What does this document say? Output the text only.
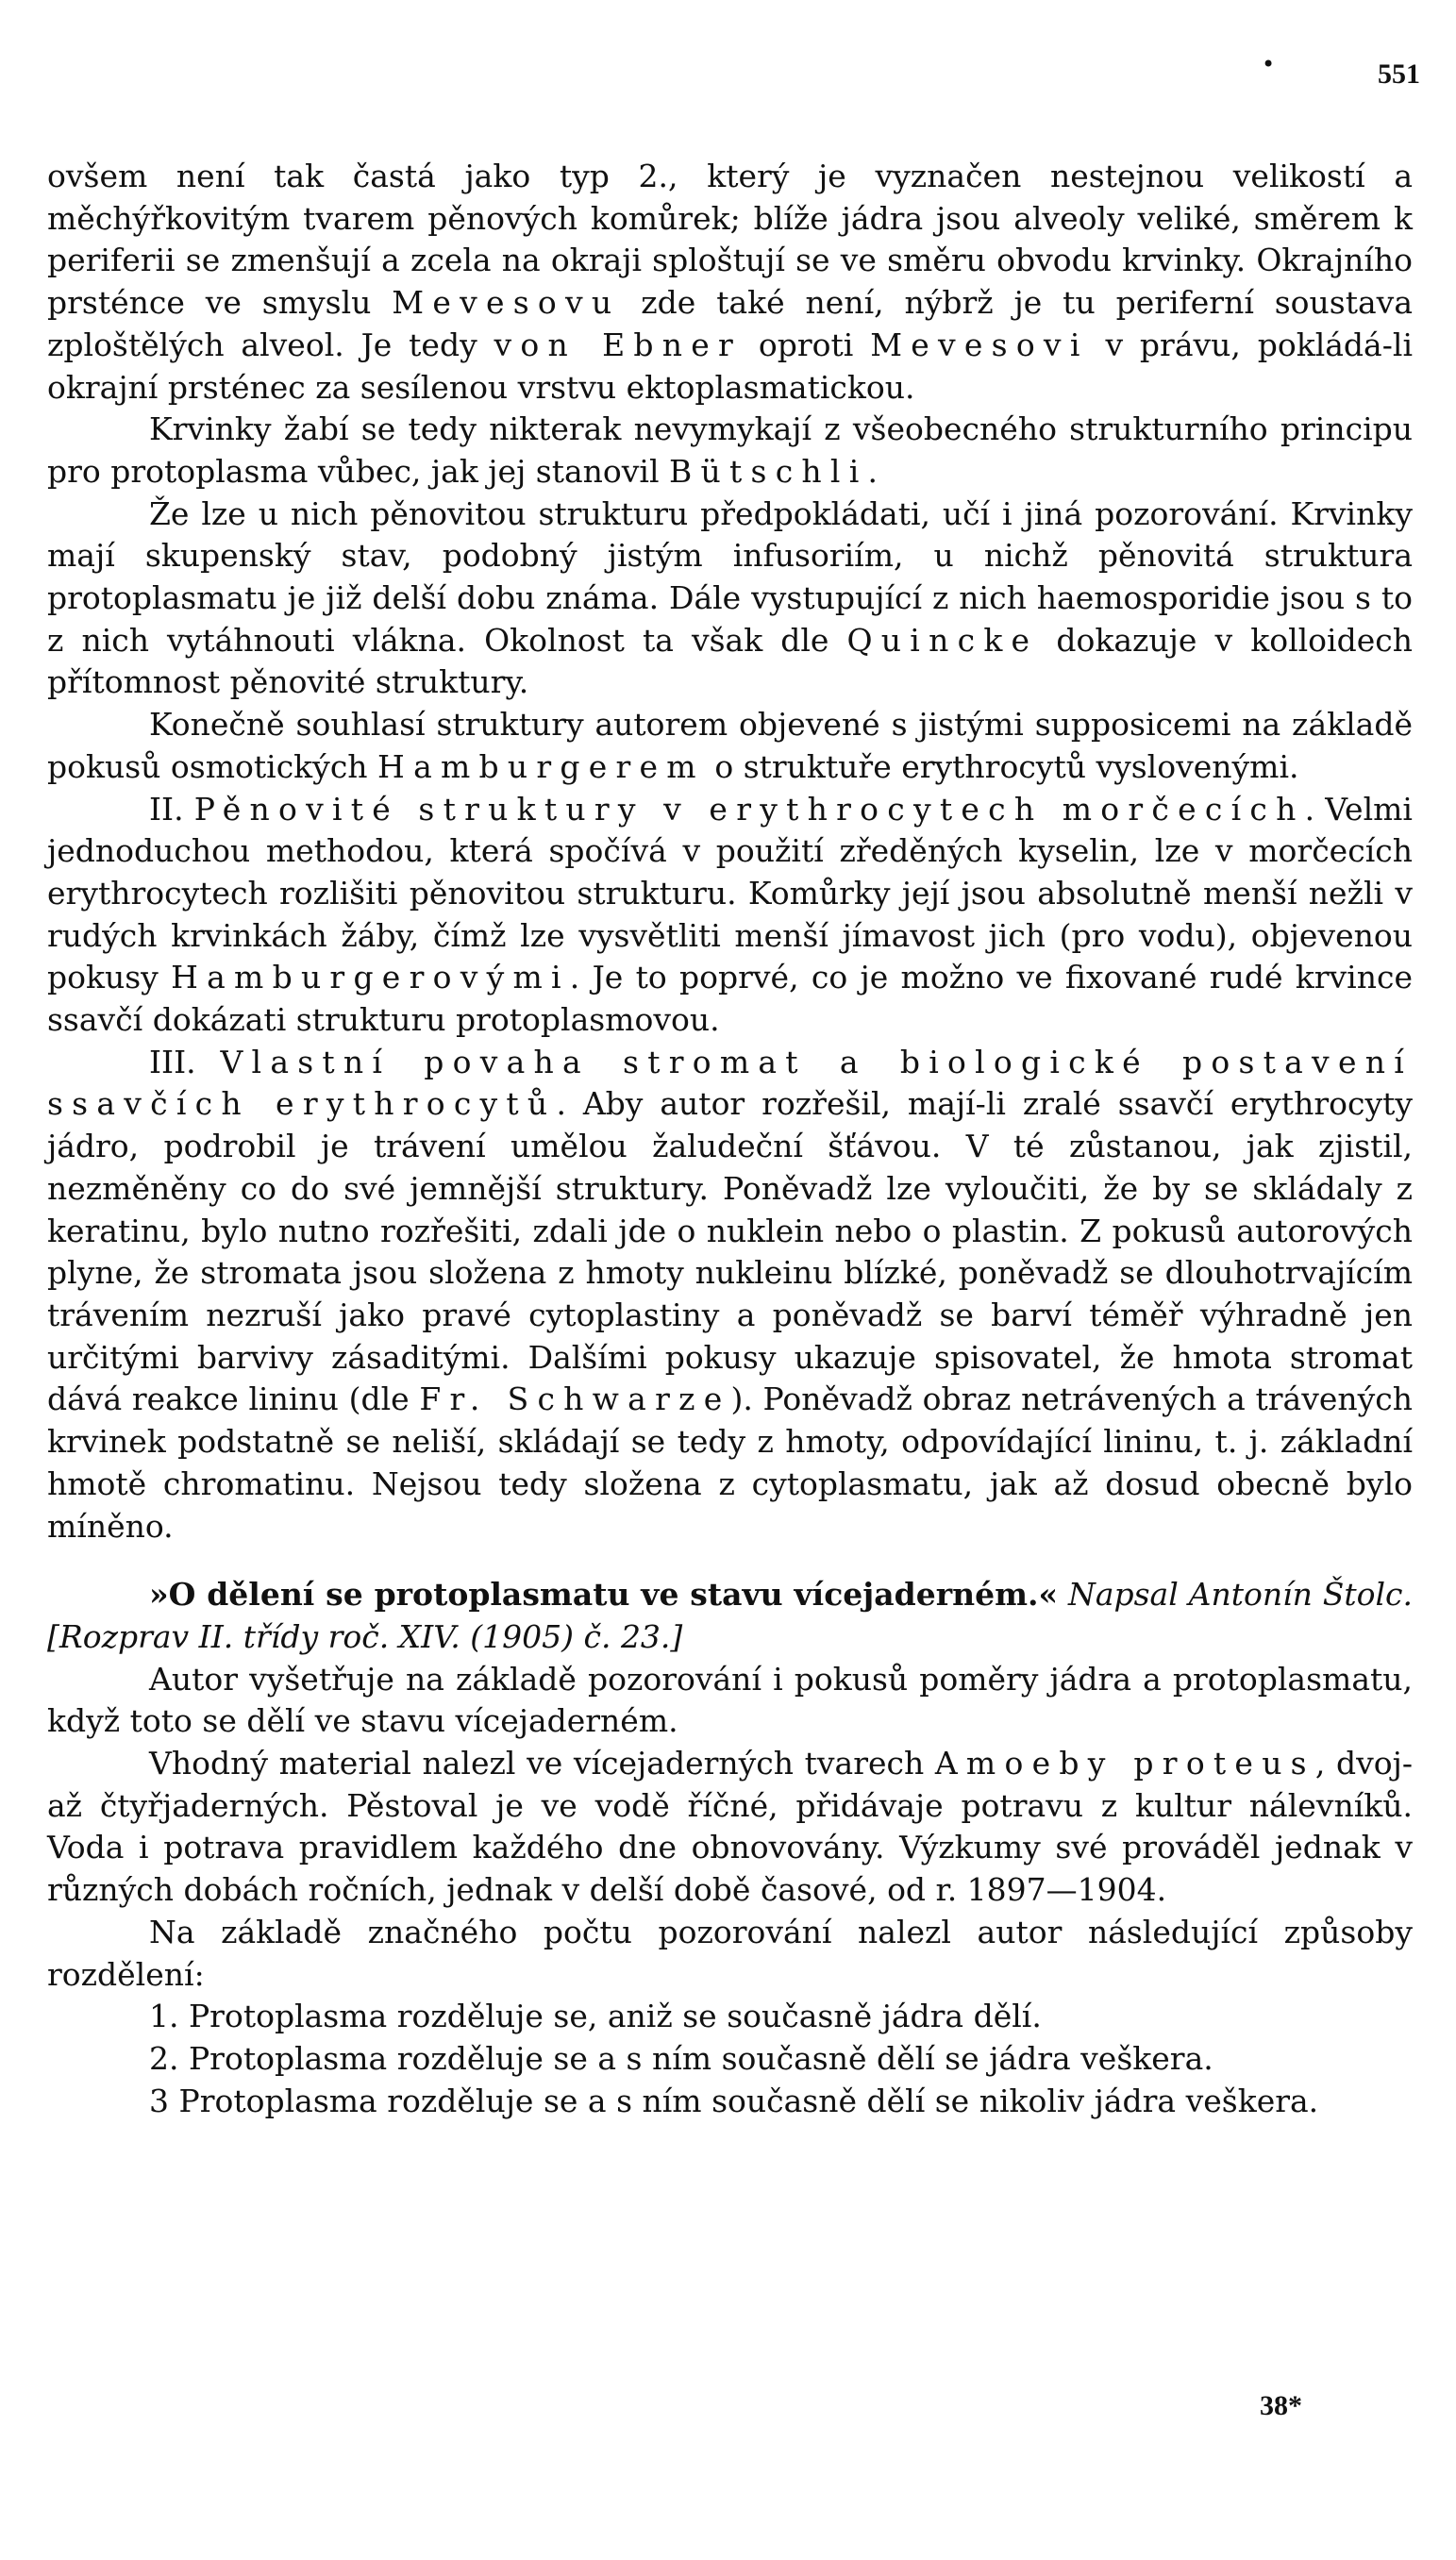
•	551

ovšem není tak častá jako typ 2., který je vyznačen nestejnou velikostí a měchýřkovitým tvarem pěnových komůrek; blíže jádra jsou alveoly veliké, směrem k periferii se zmenšují a zcela na okraji sploštují se ve směru obvodu krvinky. Okrajního prsténce ve smyslu Mevesovu zde také není, nýbrž je tu periferní soustava zploštělých alveol. Je tedy von Ebner oproti Mevesovi v právu, pokládá-li okrajní prsténec za sesílenou vrstvu ektoplasmatickou.

Krvinky žabí se tedy nikterak nevymykají z všeobecného strukturního principu pro protoplasma vůbec, jak jej stanovil Bütschli.

Že lze u nich pěnovitou strukturu předpokládati, učí i jiná pozorování. Krvinky mají skupenský stav, podobný jistým infusoriím, u nichž pěnovitá struktura protoplasmatu je již delší dobu známa. Dále vystupující z nich haemosporidie jsou s to z nich vytáhnouti vlákna. Okolnost ta však dle Quincke dokazuje v kolloidech přítomnost pěnovité struktury.

Konečně souhlasí struktury autorem objevené s jistými supposicemi na základě pokusů osmotických Hamburgerem o struktuře erythrocytů vyslovenými.

II. Pěnovité struktury v erythrocytech morčecích. Velmi jednoduchou methodou, která spočívá v použití zředěných kyselin, lze v morčecích erythrocytech rozlišiti pěnovitou strukturu. Komůrky její jsou absolutně menší nežli v rudých krvinkách žáby, čímž lze vysvětliti menší jímavost jich (pro vodu), objevenou pokusy Hamburgerovými. Je to poprvé, co je možno ve fixované rudé krvince ssavčí dokázati strukturu protoplasmovou.

III. Vlastní povaha stromat a biologické postavení ssavčích erythrocytů. Aby autor rozřešil, mají-li zralé ssavčí erythrocyty jádro, podrobil je trávení umělou žaludeční šťávou. V té zůstanou, jak zjistil, nezměněny co do své jemnější struktury. Poněvadž lze vyloučiti, že by se skládaly z keratinu, bylo nutno rozřešiti, zdali jde o nuklein nebo o plastin. Z pokusů autorových plyne, že stromata jsou složena z hmoty nukleinu blízké, poněvadž se dlouhotrvajícím trávením nezruší jako pravé cytoplastiny a poněvadž se barví téměř výhradně jen určitými barvivy zásaditými. Dalšími pokusy ukazuje spisovatel, že hmota stromat dává reakce lininu (dle Fr. Schwarze). Poněvadž obraz netrávených a trávených krvinek podstatně se neliší, skládají se tedy z hmoty, odpovídající lininu, t. j. základní hmotě chromatinu. Nejsou tedy složena z cytoplasmatu, jak až dosud obecně bylo míněno.

»O dělení se protoplasmatu ve stavu vícejaderném.« Napsal Antonín Štolc. [Rozprav II. třídy roč. XIV. (1905) č. 23.]

Autor vyšetřuje na základě pozorování i pokusů poměry jádra a protoplasmatu, když toto se dělí ve stavu vícejaderném.

Vhodný material nalezl ve vícejaderných tvarech Amoeby proteus, dvoj- až čtyřjaderných. Pěstoval je ve vodě říčné, přidávaje potravu z kultur nálevníků. Voda i potrava pravidlem každého dne obnovovány. Výzkumy své prováděl jednak v různých dobách ročních, jednak v delší době časové, od r. 1897—1904.

Na základě značného počtu pozorování nalezl autor následující způsoby rozdělení:

1. Protoplasma rozděluje se, aniž se současně jádra dělí.

2. Protoplasma rozděluje se a s ním současně dělí se jádra veškera.

3 Protoplasma rozděluje se a s ním současně dělí se nikoliv jádra veškera.

38*
